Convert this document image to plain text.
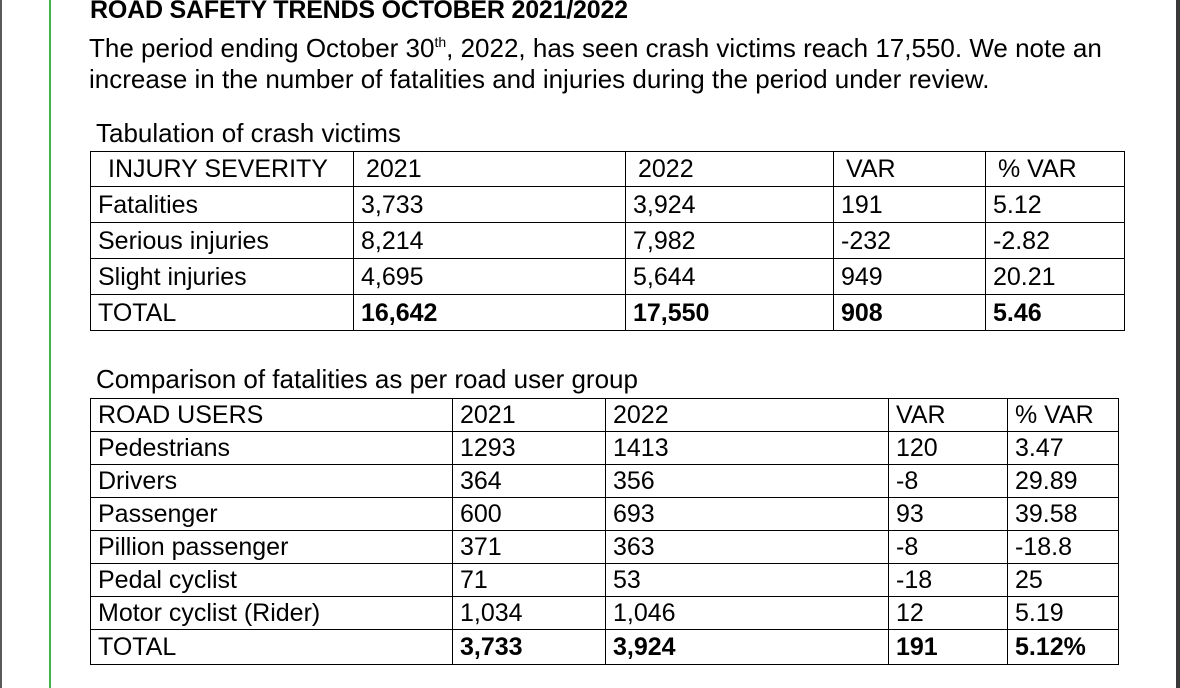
ROAD SAFETY TRENDS OCTOBER 2021/2022

The period ending October 30th, 2022, has seen crash victims reach 17,550. We note an increase in the number of fatalities and injuries during the period under review.

Tabulation of crash victims
INJURY SEVERITY	2021	2022	VAR	% VAR
Fatalities	3,733	3,924	191	5.12
Serious injuries	8,214	7,982	-232	-2.82
Slight injuries	4,695	5,644	949	20.21
TOTAL	16,642	17,550	908	5.46
Comparison of fatalities as per road user group
ROAD USERS	2021	2022	VAR	% VAR
Pedestrians	1293	1413	120	3.47
Drivers	364	356	-8	29.89
Passenger	600	693	93	39.58
Pillion passenger	371	363	-8	-18.8
Pedal cyclist	71	53	-18	25
Motor cyclist (Rider)	1,034	1,046	12	5.19
TOTAL	3,733	3,924	191	5.12%
